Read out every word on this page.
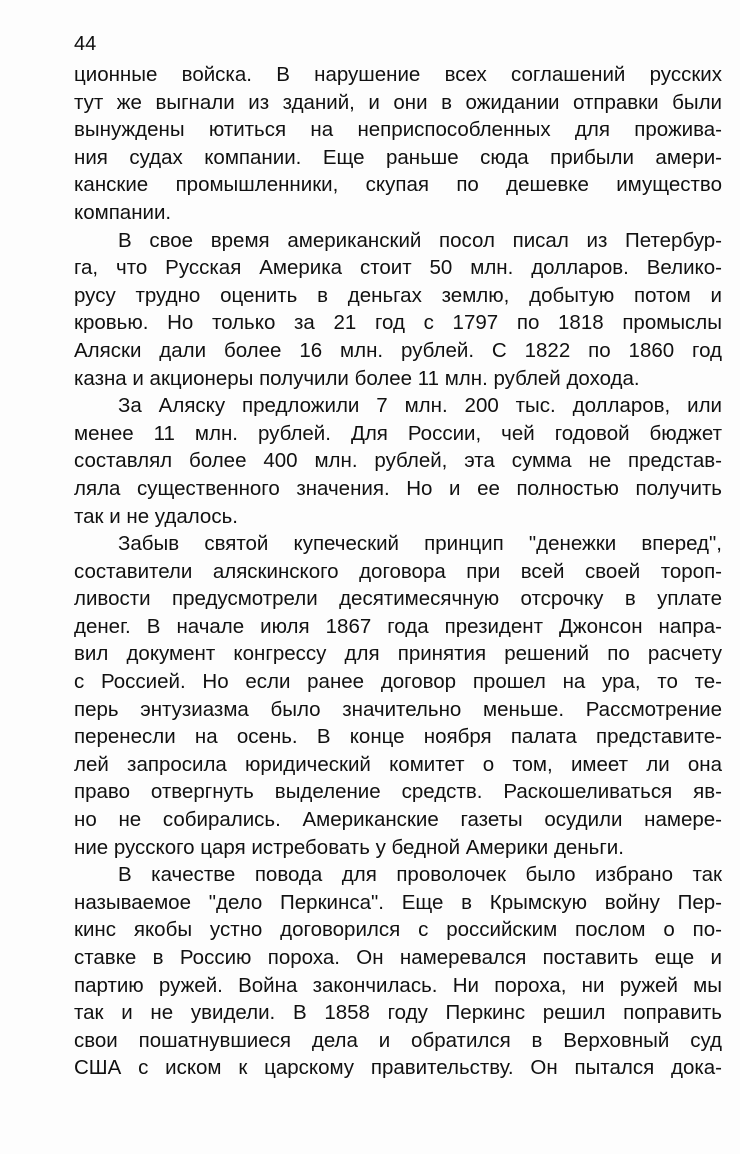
44
ционные войска. В нарушение всех соглашений русских
тут же выгнали из зданий, и они в ожидании отправки были
вынуждены ютиться на неприспособленных для прожива-
ния судах компании. Еще раньше сюда прибыли амери-
канские промышленники, скупая по дешевке имущество
компании.
В свое время американский посол писал из Петербур-
га, что Русская Америка стоит 50 млн. долларов. Велико-
русу трудно оценить в деньгах землю, добытую потом и
кровью. Но только за 21 год с 1797 по 1818 промыслы
Аляски дали более 16 млн. рублей. С 1822 по 1860 год
казна и акционеры получили более 11 млн. рублей дохода.
За Аляску предложили 7 млн. 200 тыс. долларов, или
менее 11 млн. рублей. Для России, чей годовой бюджет
составлял более 400 млн. рублей, эта сумма не представ-
ляла существенного значения. Но и ее полностью получить
так и не удалось.
Забыв святой купеческий принцип "денежки вперед",
составители аляскинского договора при всей своей тороп-
ливости предусмотрели десятимесячную отсрочку в уплате
денег. В начале июля 1867 года президент Джонсон напра-
вил документ конгрессу для принятия решений по расчету
с Россией. Но если ранее договор прошел на ура, то те-
перь энтузиазма было значительно меньше. Рассмотрение
перенесли на осень. В конце ноября палата представите-
лей запросила юридический комитет о том, имеет ли она
право отвергнуть выделение средств. Раскошеливаться яв-
но не собирались. Американские газеты осудили намере-
ние русского царя истребовать у бедной Америки деньги.
В качестве повода для проволочек было избрано так
называемое "дело Перкинса". Еще в Крымскую войну Пер-
кинс якобы устно договорился с российским послом о по-
ставке в Россию пороха. Он намеревался поставить еще и
партию ружей. Война закончилась. Ни пороха, ни ружей мы
так и не увидели. В 1858 году Перкинс решил поправить
свои пошатнувшиеся дела и обратился в Верховный суд
США с иском к царскому правительству. Он пытался дока-
